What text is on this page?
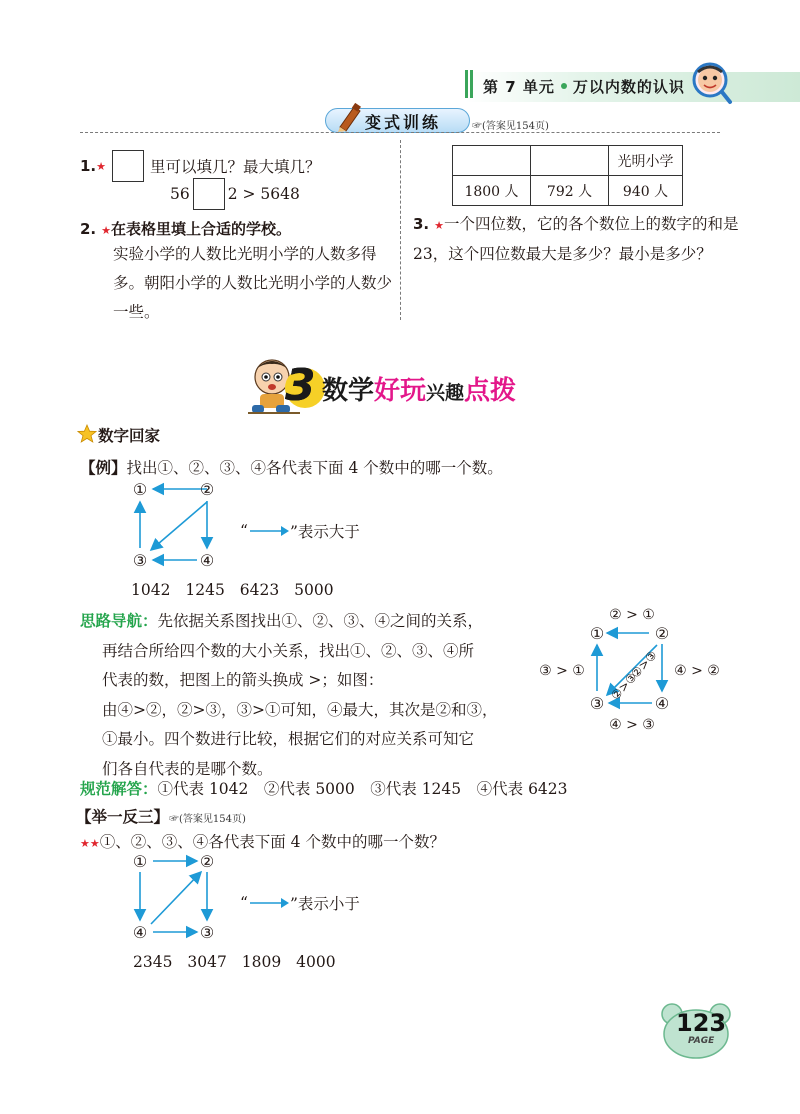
第 7 单元 万以内数的认识
变式训练	☞(答案见154页)
1. ★	里可以填几？最大填几？
56 2 > 5648
2. ★在表格里填上合适的学校。
实验小学的人数比光明小学的人数多得多。朝阳小学的人数比光明小学的人数少一些。
		光明小学
1800 人	792 人	940 人
3. ★一个四位数，它的各个数位上的数字的和是 23，这个四位数最大是多少？最小是多少？
3 数学好玩兴趣点拨
数字回家
【例】找出①、②、③、④各代表下面 4 个数中的哪一个数。
①	②
③	④
“	”表示大于
1042 1245 6423 5000

思路导航：先依据关系图找出①、②、③、④之间的关系，

再结合所给四个数的大小关系，找出①、②、③、④所

代表的数，把图上的箭头换成 >；如图：

由④>②，②>③，③>①可知，④最大，其次是②和③，

①最小。四个数进行比较，根据它们的对应关系可知它

们各自代表的是哪个数。

② > ①
①	②
③ > ①	④ > ②
②>③
②>③
③	④
④ > ③
规范解答：①代表 1042　②代表 5000　③代表 1245　④代表 6423
【举一反三】☞(答案见154页)
★★①、②、③、④各代表下面 4 个数中的哪一个数？
①	②
④	③
“	”表示小于
2345 3047 1809 4000
123
PAGE
